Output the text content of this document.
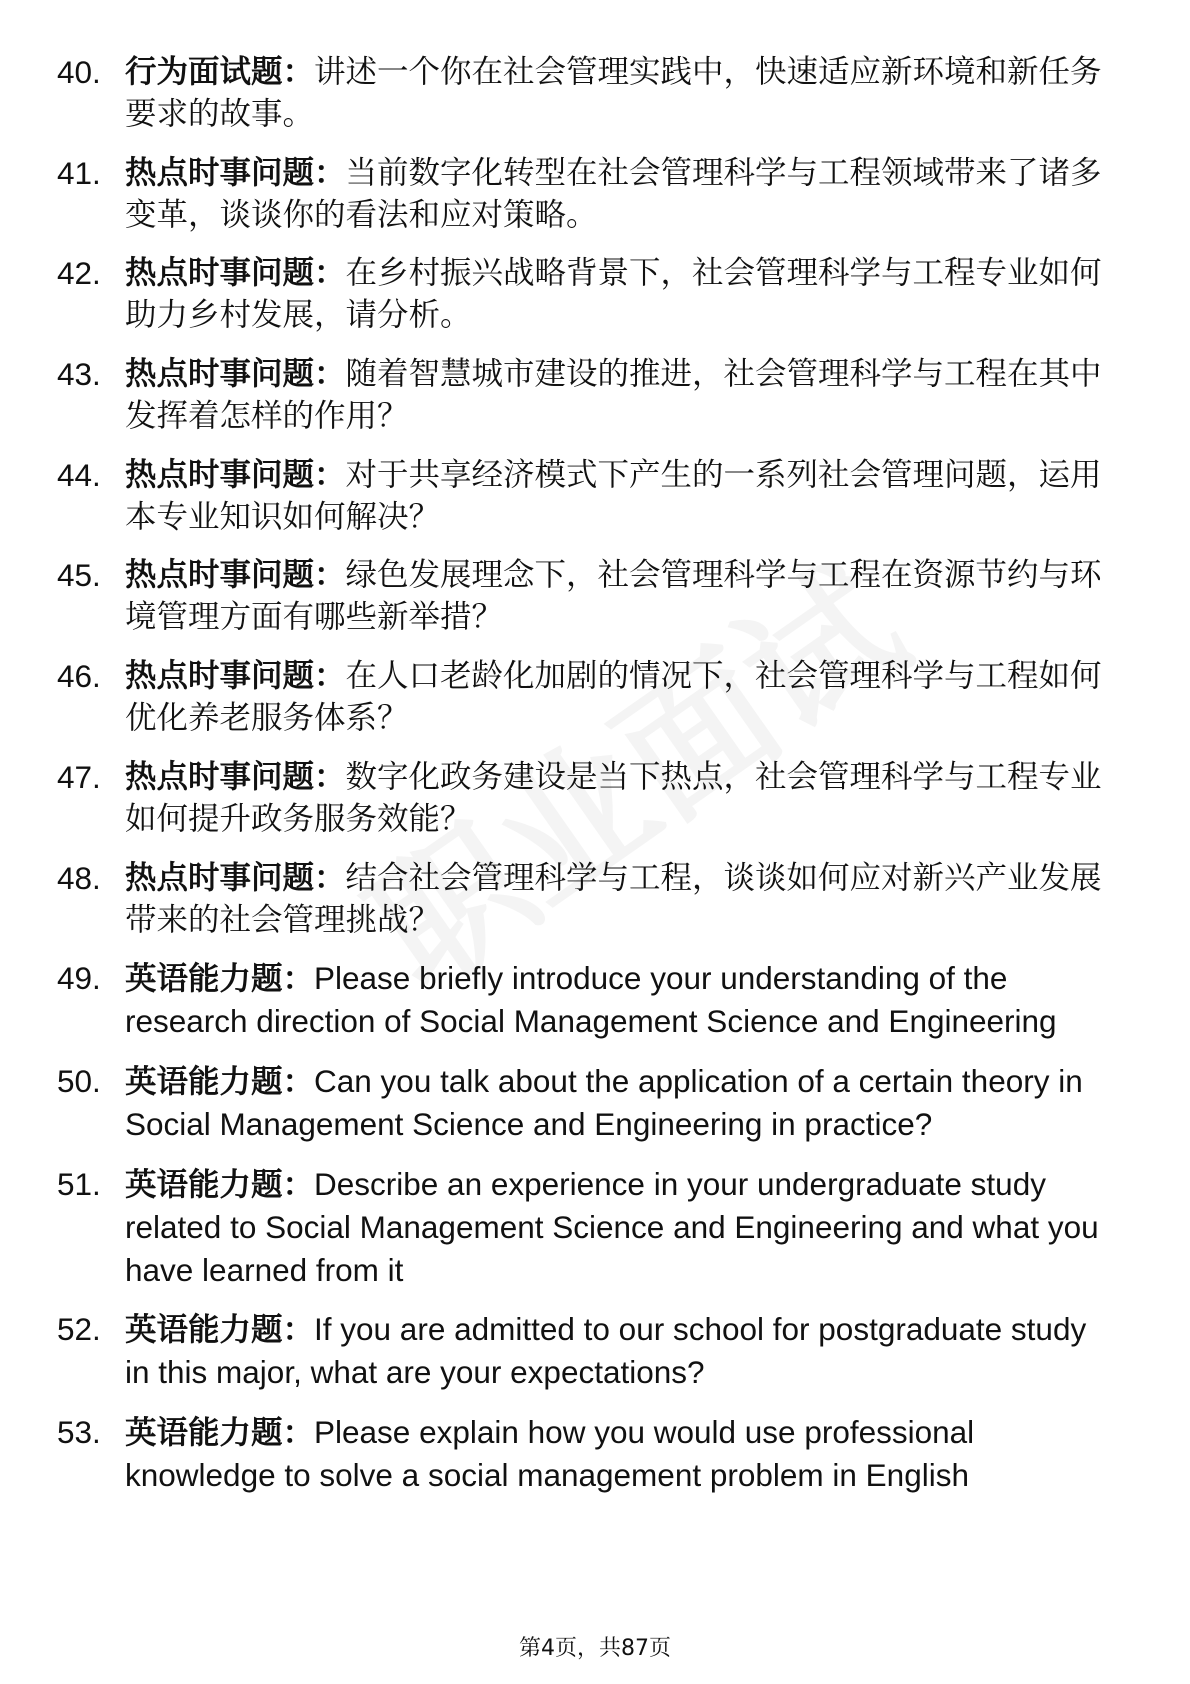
40. 行为面试题：讲述一个你在社会管理实践中，快速适应新环境和新任务要求的故事。
41. 热点时事问题：当前数字化转型在社会管理科学与工程领域带来了诸多变革，谈谈你的看法和应对策略。
42. 热点时事问题：在乡村振兴战略背景下，社会管理科学与工程专业如何助力乡村发展，请分析。
43. 热点时事问题：随着智慧城市建设的推进，社会管理科学与工程在其中发挥着怎样的作用？
44. 热点时事问题：对于共享经济模式下产生的一系列社会管理问题，运用本专业知识如何解决？
45. 热点时事问题：绿色发展理念下，社会管理科学与工程在资源节约与环境管理方面有哪些新举措？
46. 热点时事问题：在人口老龄化加剧的情况下，社会管理科学与工程如何优化养老服务体系？
47. 热点时事问题：数字化政务建设是当下热点，社会管理科学与工程专业如何提升政务服务效能？
48. 热点时事问题：结合社会管理科学与工程，谈谈如何应对新兴产业发展带来的社会管理挑战？
49. 英语能力题：Please briefly introduce your understanding of the research direction of Social Management Science and Engineering
50. 英语能力题：Can you talk about the application of a certain theory in Social Management Science and Engineering in practice?
51. 英语能力题：Describe an experience in your undergraduate study related to Social Management Science and Engineering and what you have learned from it
52. 英语能力题：If you are admitted to our school for postgraduate study in this major, what are your expectations?
53. 英语能力题：Please explain how you would use professional knowledge to solve a social management problem in English
第4页，共87页
